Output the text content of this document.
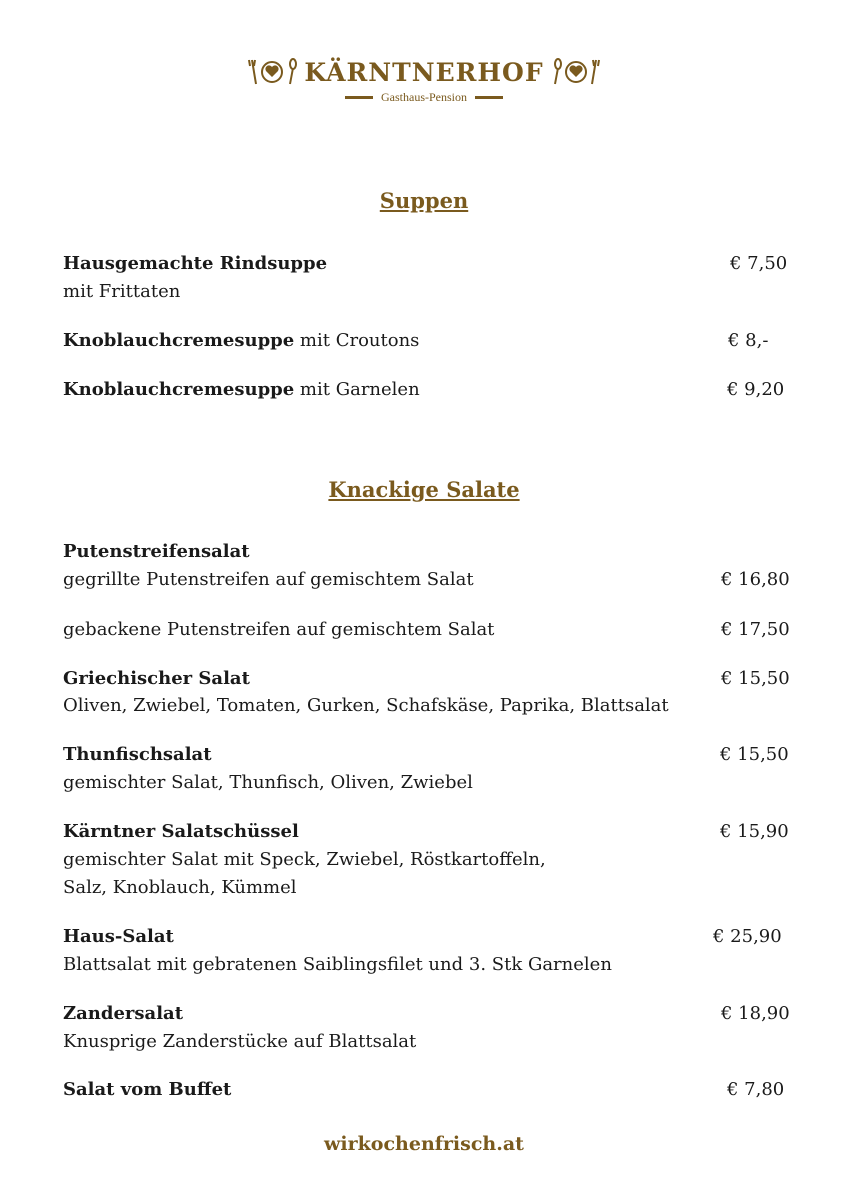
KÄRNTNERHOF
Gasthaus-Pension
Suppen
Hausgemachte Rindsuppe	€ 7,50
mit Frittaten
Knoblauchcremesuppe mit Croutons	€ 8,-
Knoblauchcremesuppe mit Garnelen	€ 9,20
Knackige Salate
Putenstreifensalat
gegrillte Putenstreifen auf gemischtem Salat	€ 16,80
gebackene Putenstreifen auf gemischtem Salat	€ 17,50
Griechischer Salat	€ 15,50
Oliven, Zwiebel, Tomaten, Gurken, Schafskäse, Paprika, Blattsalat
Thunfischsalat	€ 15,50
gemischter Salat, Thunfisch, Oliven, Zwiebel
Kärntner Salatschüssel	€ 15,90
gemischter Salat mit Speck, Zwiebel, Röstkartoffeln,
Salz, Knoblauch, Kümmel
Haus-Salat	€ 25,90
Blattsalat mit gebratenen Saiblingsfilet und 3. Stk Garnelen
Zandersalat	€ 18,90
Knusprige Zanderstücke auf Blattsalat
Salat vom Buffet	€ 7,80
wirkochenfrisch.at
